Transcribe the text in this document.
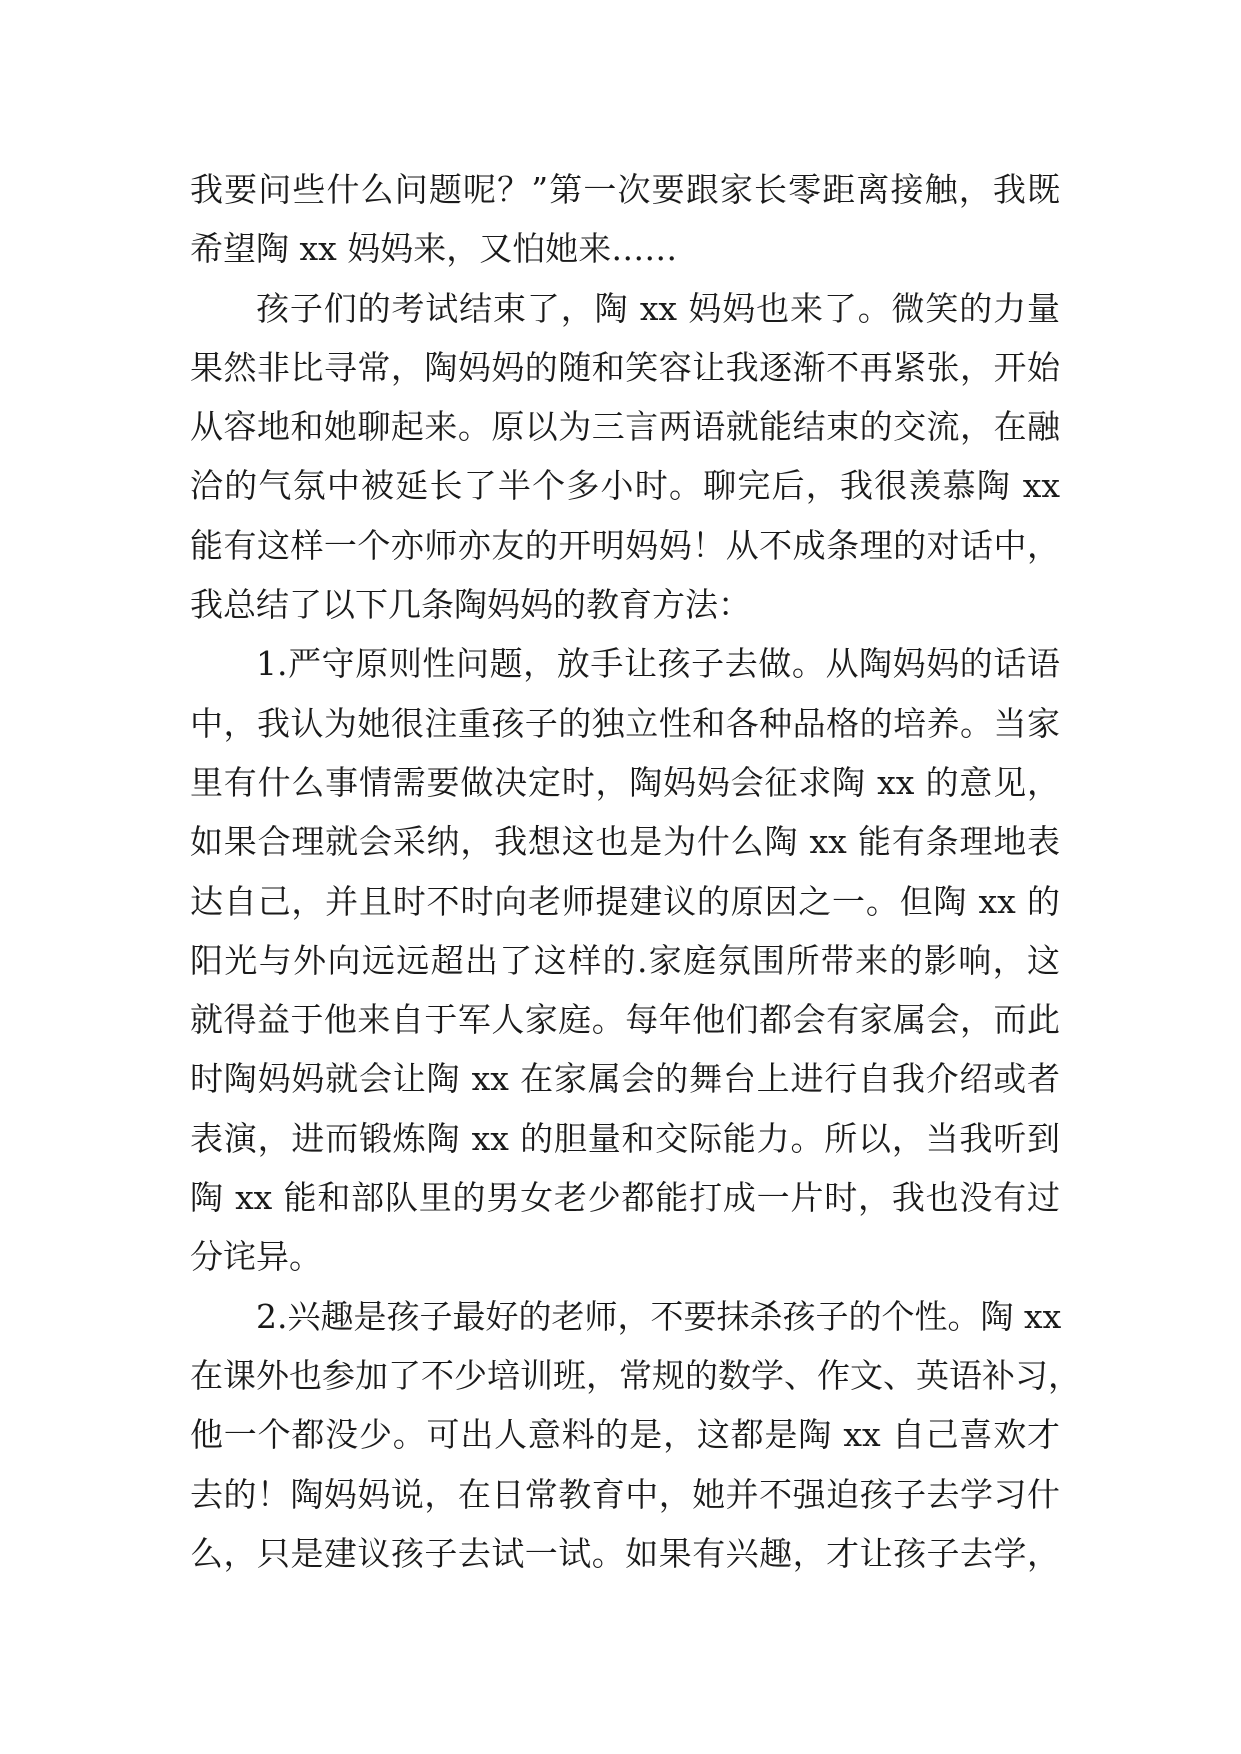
我要问些什么问题呢？”第一次要跟家长零距离接触，我既
希望陶 xx 妈妈来，又怕她来……
孩子们的考试结束了，陶 xx 妈妈也来了。微笑的力量
果然非比寻常，陶妈妈的随和笑容让我逐渐不再紧张，开始
从容地和她聊起来。原以为三言两语就能结束的交流，在融
洽的气氛中被延长了半个多小时。聊完后，我很羡慕陶 xx
能有这样一个亦师亦友的开明妈妈！从不成条理的对话中，
我总结了以下几条陶妈妈的教育方法：
1.严守原则性问题，放手让孩子去做。从陶妈妈的话语
中，我认为她很注重孩子的独立性和各种品格的培养。当家
里有什么事情需要做决定时，陶妈妈会征求陶 xx 的意见，
如果合理就会采纳，我想这也是为什么陶 xx 能有条理地表
达自己，并且时不时向老师提建议的原因之一。但陶 xx 的
阳光与外向远远超出了这样的.家庭氛围所带来的影响，这
就得益于他来自于军人家庭。每年他们都会有家属会，而此
时陶妈妈就会让陶 xx 在家属会的舞台上进行自我介绍或者
表演，进而锻炼陶 xx 的胆量和交际能力。所以，当我听到
陶 xx 能和部队里的男女老少都能打成一片时，我也没有过
分诧异。
2.兴趣是孩子最好的老师，不要抹杀孩子的个性。陶 xx
在课外也参加了不少培训班，常规的数学、作文、英语补习，
他一个都没少。可出人意料的是，这都是陶 xx 自己喜欢才
去的！陶妈妈说，在日常教育中，她并不强迫孩子去学习什
么，只是建议孩子去试一试。如果有兴趣，才让孩子去学，
